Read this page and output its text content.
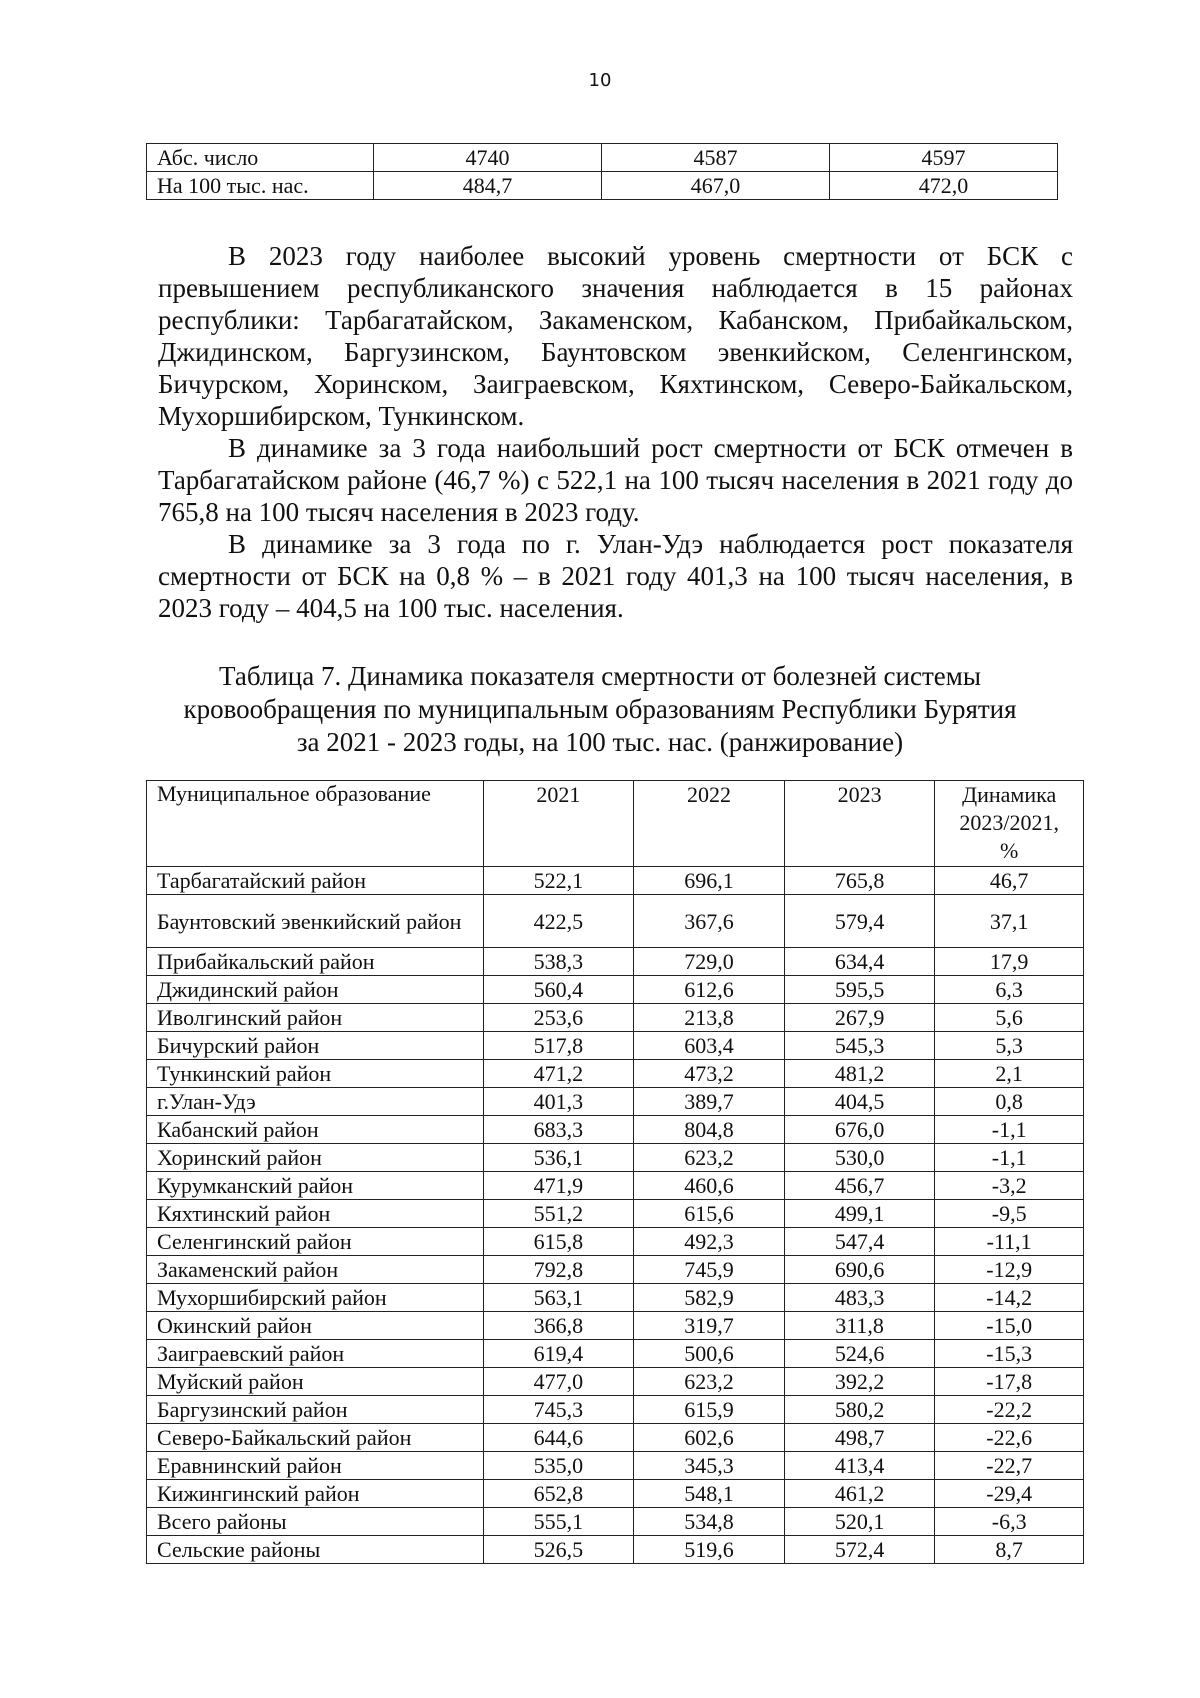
10
Абс. число	4740	4587	4597
На 100 тыс. нас.	484,7	467,0	472,0

В 2023 году наиболее высокий уровень смертности от БСК с превышением республиканского значения наблюдается в 15 районах республики: Тарбагатайском, Закаменском, Кабанском, Прибайкальском, Джидинском, Баргузинском, Баунтовском эвенкийском, Селенгинском, Бичурском, Хоринском, Заиграевском, Кяхтинском, Северо-Байкальском, Мухоршибирском, Тункинском.

В динамике за 3 года наибольший рост смертности от БСК отмечен в Тарбагатайском районе (46,7 %) с 522,1 на 100 тысяч населения в 2021 году до 765,8 на 100 тысяч населения в 2023 году.

В динамике за 3 года по г. Улан-Удэ наблюдается рост показателя смертности от БСК на 0,8 % – в 2021 году 401,3 на 100 тысяч населения, в 2023 году – 404,5 на 100 тыс. населения.

Таблица 7. Динамика показателя смертности от болезней системы
кровообращения по муниципальным образованиям Республики Бурятия
за 2021 - 2023 годы, на 100 тыс. нас. (ранжирование)
Муниципальное образование	2021	2022	2023	Динамика
2023/2021,
%

Тарбагатайский район	522,1	696,1	765,8	46,7
Баунтовский эвенкийский район	422,5	367,6	579,4	37,1
Прибайкальский район	538,3	729,0	634,4	17,9
Джидинский район	560,4	612,6	595,5	6,3
Иволгинский район	253,6	213,8	267,9	5,6
Бичурский район	517,8	603,4	545,3	5,3
Тункинский район	471,2	473,2	481,2	2,1
г.Улан-Удэ	401,3	389,7	404,5	0,8
Кабанский район	683,3	804,8	676,0	-1,1
Хоринский район	536,1	623,2	530,0	-1,1
Курумканский район	471,9	460,6	456,7	-3,2
Кяхтинский район	551,2	615,6	499,1	-9,5
Селенгинский район	615,8	492,3	547,4	-11,1
Закаменский район	792,8	745,9	690,6	-12,9
Мухоршибирский район	563,1	582,9	483,3	-14,2
Окинский район	366,8	319,7	311,8	-15,0
Заиграевский район	619,4	500,6	524,6	-15,3
Муйский район	477,0	623,2	392,2	-17,8
Баргузинский район	745,3	615,9	580,2	-22,2
Северо-Байкальский район	644,6	602,6	498,7	-22,6
Еравнинский район	535,0	345,3	413,4	-22,7
Кижингинский район	652,8	548,1	461,2	-29,4
Всего районы	555,1	534,8	520,1	-6,3
Сельские районы	526,5	519,6	572,4	8,7
